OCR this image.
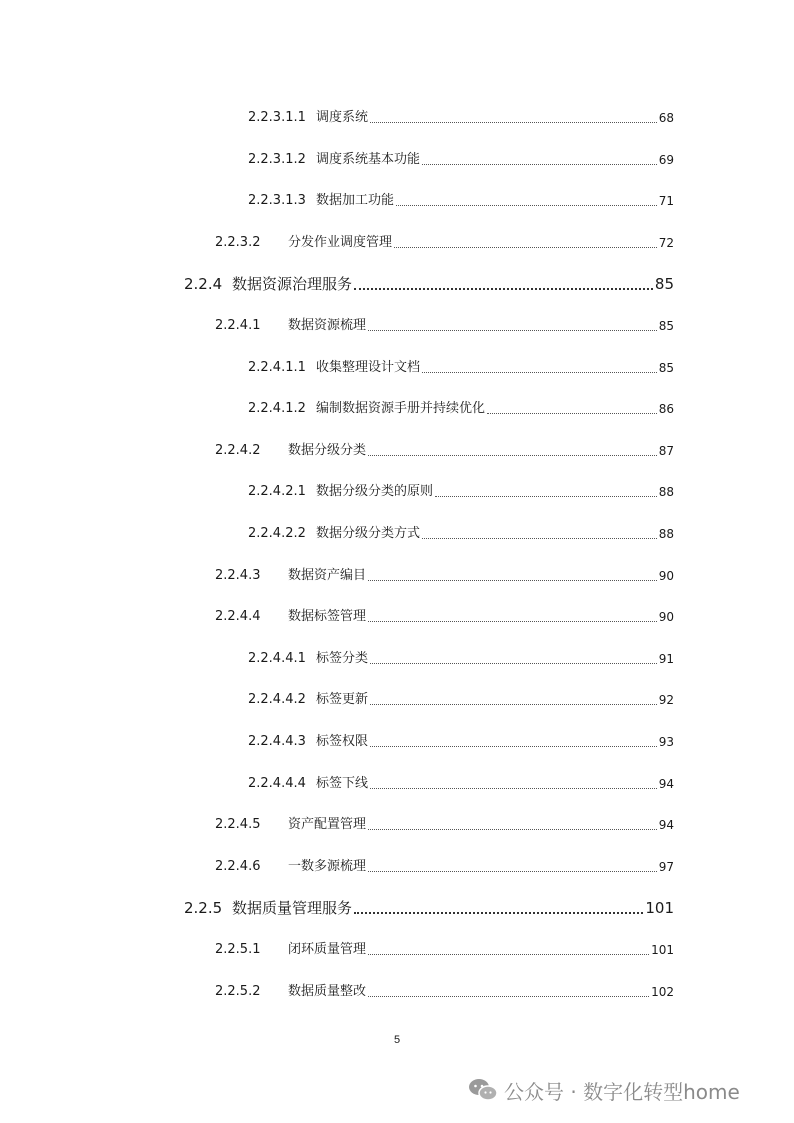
2.2.3.1.1 调度系统	68
2.2.3.1.2 调度系统基本功能	69
2.2.3.1.3 数据加工功能	71
2.2.3.2	分发作业调度管理	72
2.2.4 数据资源治理服务	85
2.2.4.1	数据资源梳理	85
2.2.4.1.1 收集整理设计文档	85
2.2.4.1.2 编制数据资源手册并持续优化	86
2.2.4.2	数据分级分类	87
2.2.4.2.1 数据分级分类的原则	88
2.2.4.2.2 数据分级分类方式	88
2.2.4.3	数据资产编目	90
2.2.4.4	数据标签管理	90
2.2.4.4.1 标签分类	91
2.2.4.4.2 标签更新	92
2.2.4.4.3 标签权限	93
2.2.4.4.4 标签下线	94
2.2.4.5	资产配置管理	94
2.2.4.6	一数多源梳理	97
2.2.5 数据质量管理服务	101
2.2.5.1	闭环质量管理	101
2.2.5.2	数据质量整改	102
5
公众号 · 数字化转型home
